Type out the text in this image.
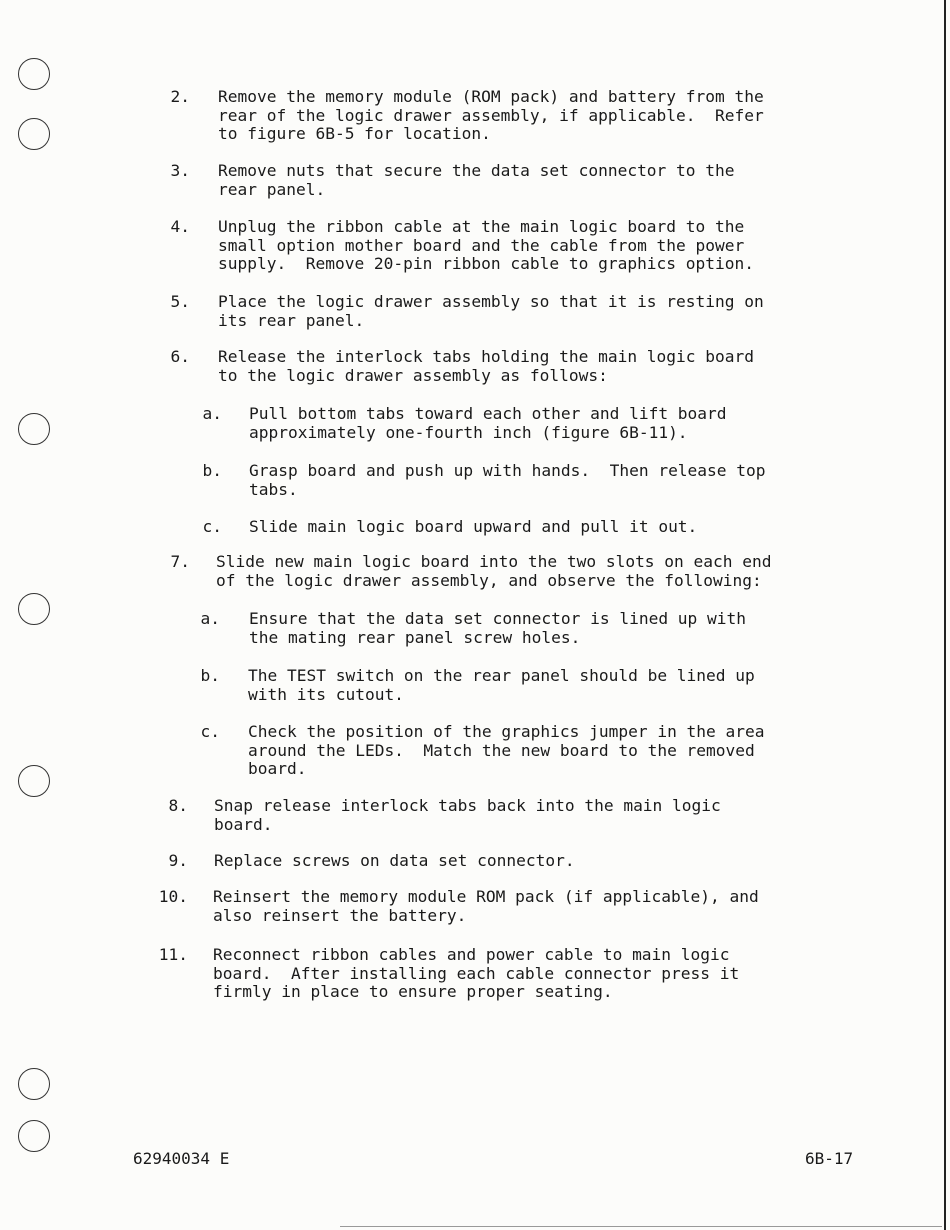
2. Remove the memory module (ROM pack) and battery from the
rear of the logic drawer assembly, if applicable.  Refer
to figure 6B-5 for location.
3. Remove nuts that secure the data set connector to the
rear panel.
4. Unplug the ribbon cable at the main logic board to the
small option mother board and the cable from the power
supply.  Remove 20-pin ribbon cable to graphics option.
5. Place the logic drawer assembly so that it is resting on
its rear panel.
6. Release the interlock tabs holding the main logic board
to the logic drawer assembly as follows:
a. Pull bottom tabs toward each other and lift board
approximately one-fourth inch (figure 6B-11).
b. Grasp board and push up with hands.  Then release top
tabs.
c. Slide main logic board upward and pull it out.
7. Slide new main logic board into the two slots on each end
of the logic drawer assembly, and observe the following:
a. Ensure that the data set connector is lined up with
the mating rear panel screw holes.
b. The TEST switch on the rear panel should be lined up
with its cutout.
c. Check the position of the graphics jumper in the area
around the LEDs.  Match the new board to the removed
board.
8. Snap release interlock tabs back into the main logic
board.
9. Replace screws on data set connector.
10. Reinsert the memory module ROM pack (if applicable), and
also reinsert the battery.
11. Reconnect ribbon cables and power cable to main logic
board.  After installing each cable connector press it
firmly in place to ensure proper seating.
62940034 E	6B-17
